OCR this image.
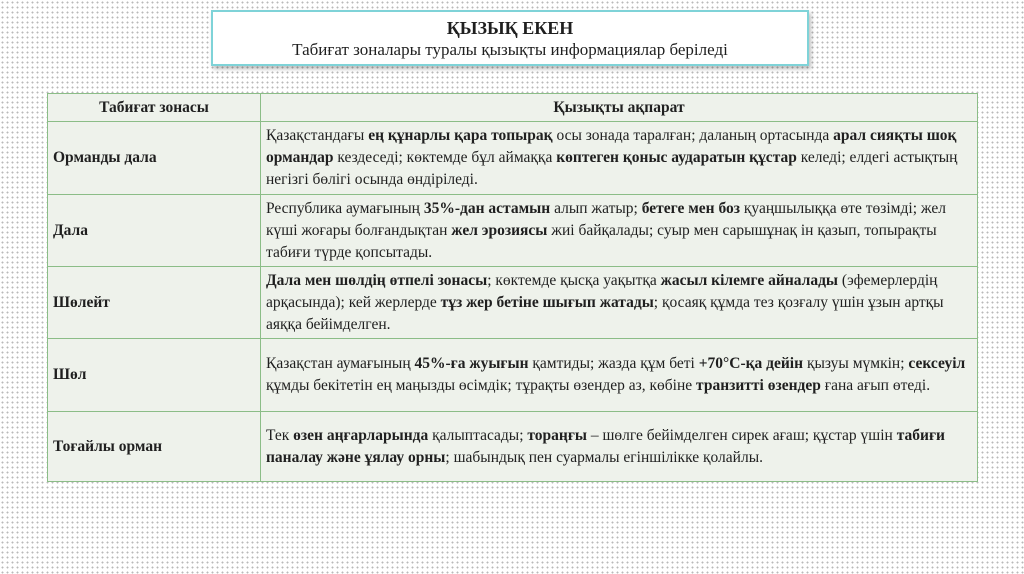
ҚЫЗЫҚ ЕКЕН
Табиғат зоналары туралы қызықты информациялар беріледі
Табиғат зонасы	Қызықты ақпарат
Орманды дала	Қазақстандағы ең құнарлы қара топырақ осы зонада таралған; даланың ортасында арал сияқты шоқ ормандар кездеседі; көктемде бұл аймаққа көптеген қоныс аударатын құстар келеді; елдегі астықтың негізгі бөлігі осында өндіріледі.
Дала	Республика аумағының 35%-дан астамын алып жатыр; бетеге мен боз қуаңшылыққа өте төзімді; жел күші жоғары болғандықтан жел эрозиясы жиі байқалады; суыр мен сарышұнақ ін қазып, топырақты табиғи түрде қопсытады.
Шөлейт	Дала мен шөлдің өтпелі зонасы; көктемде қысқа уақытқа жасыл кілемге айналады (эфемерлердің арқасында); кей жерлерде тұз жер бетіне шығып жатады; қосаяқ құмда тез қозғалу үшін ұзын артқы аяққа бейімделген.
Шөл	Қазақстан аумағының 45%-ға жуығын қамтиды; жазда құм беті +70°С-қа дейін қызуы мүмкін; сексеуіл құмды бекітетін ең маңызды өсімдік; тұрақты өзендер аз, көбіне транзитті өзендер ғана ағып өтеді.
Тоғайлы орман	Тек өзен аңғарларында қалыптасады; тораңғы – шөлге бейімделген сирек ағаш; құстар үшін табиғи паналау және ұялау орны; шабындық пен суармалы егіншілікке қолайлы.
